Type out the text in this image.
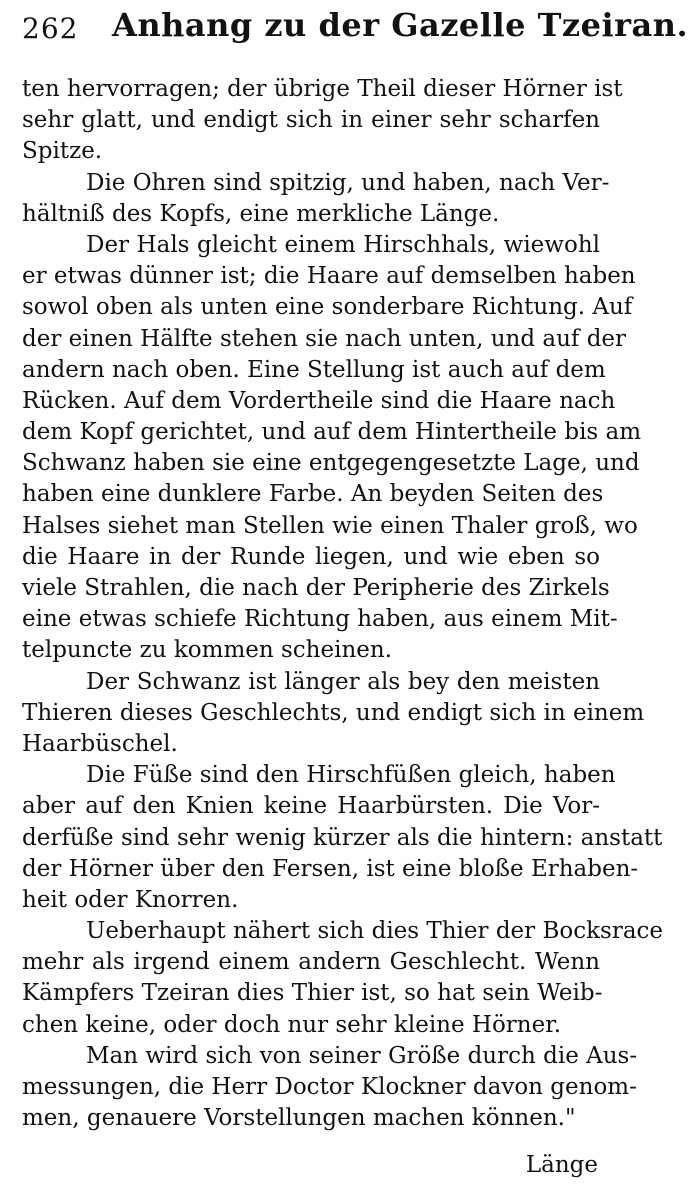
262 Anhang zu der Gazelle Tzeiran.
ten hervorragen; der übrige Theil dieser Hörner ist
sehr glatt, und endigt sich in einer sehr scharfen
Spitze.
Die Ohren sind spitzig, und haben, nach Ver-
hältniß des Kopfs, eine merkliche Länge.
Der Hals gleicht einem Hirschhals, wiewohl
er etwas dünner ist; die Haare auf demselben haben
sowol oben als unten eine sonderbare Richtung. Auf
der einen Hälfte stehen sie nach unten, und auf der
andern nach oben. Eine Stellung ist auch auf dem
Rücken. Auf dem Vordertheile sind die Haare nach
dem Kopf gerichtet, und auf dem Hintertheile bis am
Schwanz haben sie eine entgegengesetzte Lage, und
haben eine dunklere Farbe. An beyden Seiten des
Halses siehet man Stellen wie einen Thaler groß, wo
die Haare in der Runde liegen, und wie eben so
viele Strahlen, die nach der Peripherie des Zirkels
eine etwas schiefe Richtung haben, aus einem Mit-
telpuncte zu kommen scheinen.
Der Schwanz ist länger als bey den meisten
Thieren dieses Geschlechts, und endigt sich in einem
Haarbüschel.
Die Füße sind den Hirschfüßen gleich, haben
aber auf den Knien keine Haarbürsten. Die Vor-
derfüße sind sehr wenig kürzer als die hintern: anstatt
der Hörner über den Fersen, ist eine bloße Erhaben-
heit oder Knorren.
Ueberhaupt nähert sich dies Thier der Bocksrace
mehr als irgend einem andern Geschlecht. Wenn
Kämpfers Tzeiran dies Thier ist, so hat sein Weib-
chen keine, oder doch nur sehr kleine Hörner.
Man wird sich von seiner Größe durch die Aus-
messungen, die Herr Doctor Klockner davon genom-
men, genauere Vorstellungen machen können."
Länge
